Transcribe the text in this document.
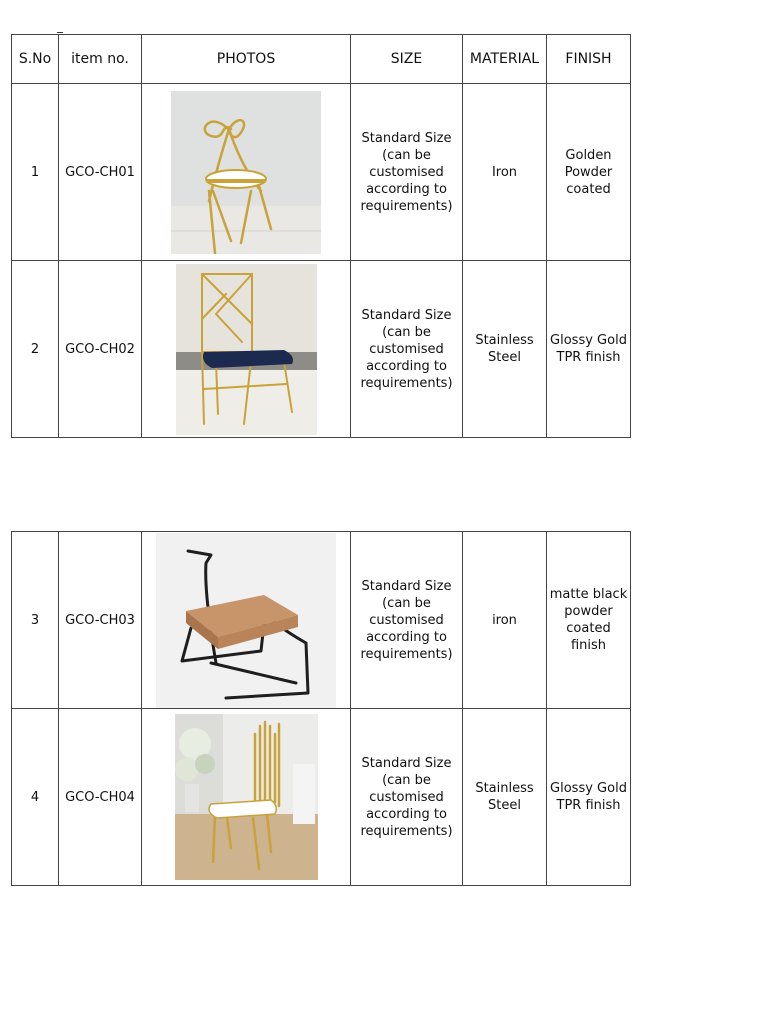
S.No	item no.	PHOTOS	SIZE	MATERIAL	FINISH
1	GCO-CH01		Standard Size
(can be
customised
according to
requirements)	Iron	Golden
Powder
coated
2	GCO-CH02		Standard Size
(can be
customised
according to
requirements)	Stainless
Steel	Glossy Gold
TPR finish
3	GCO-CH03		Standard Size
(can be
customised
according to
requirements)	iron	matte black
powder
coated finish
4	GCO-CH04		Standard Size
(can be
customised
according to
requirements)	Stainless
Steel	Glossy Gold
TPR finish
